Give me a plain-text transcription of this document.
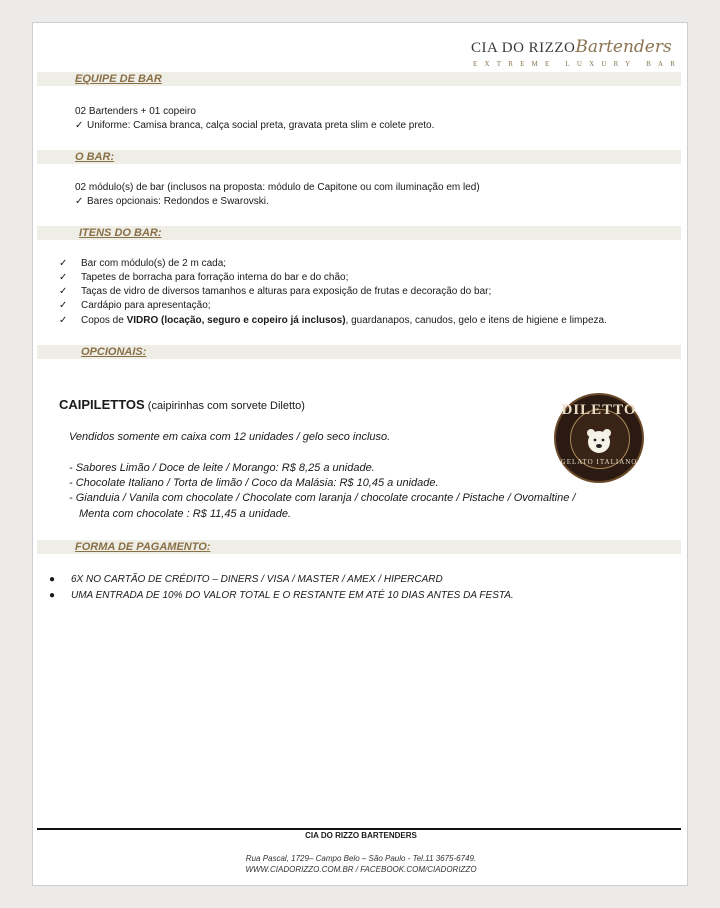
CIA DO RIZZOBartenders
EXTREME LUXURY BAR
EQUIPE DE BAR
02 Bartenders + 01 copeiro
✓ Uniforme: Camisa branca, calça social preta, gravata preta slim e colete preto.
O BAR:
02 módulo(s) de bar (inclusos na proposta: módulo de Capitone ou com iluminação em led)
✓ Bares opcionais: Redondos e Swarovski.
ITENS DO BAR:
✓ Bar com módulo(s) de 2 m cada;
✓ Tapetes de borracha para forração interna do bar e do chão;
✓ Taças de vidro de diversos tamanhos e alturas para exposição de frutas e decoração do bar;
✓ Cardápio para apresentação;
✓ Copos de VIDRO (locação, seguro e copeiro já inclusos), guardanapos, canudos, gelo e itens de higiene e limpeza.
OPCIONAIS:
CAIPILETTOS (caipirinhas com sorvete Diletto)
Vendidos somente em caixa com 12 unidades / gelo seco incluso.
- Sabores Limão / Doce de leite / Morango: R$ 8,25 a unidade.
- Chocolate Italiano / Torta de limão / Coco da Malásia: R$ 10,45 a unidade.
- Gianduia / Vanila com chocolate / Chocolate com laranja / chocolate crocante / Pistache / Ovomaltine /
Menta com chocolate : R$ 11,45 a unidade.
DILETTO
GELATO ITALIANO
FORMA DE PAGAMENTO:
● 6X NO CARTÃO DE CRÉDITO – DINERS / VISA / MASTER / AMEX / HIPERCARD
● UMA ENTRADA DE 10% DO VALOR TOTAL E O RESTANTE EM ATÉ 10 DIAS ANTES DA FESTA.
CIA DO RIZZO BARTENDERS
Rua Pascal, 1729– Campo Belo – São Paulo - Tel.11 3675-6749.
WWW.CIADORIZZO.COM.BR / FACEBOOK.COM/CIADORIZZO
